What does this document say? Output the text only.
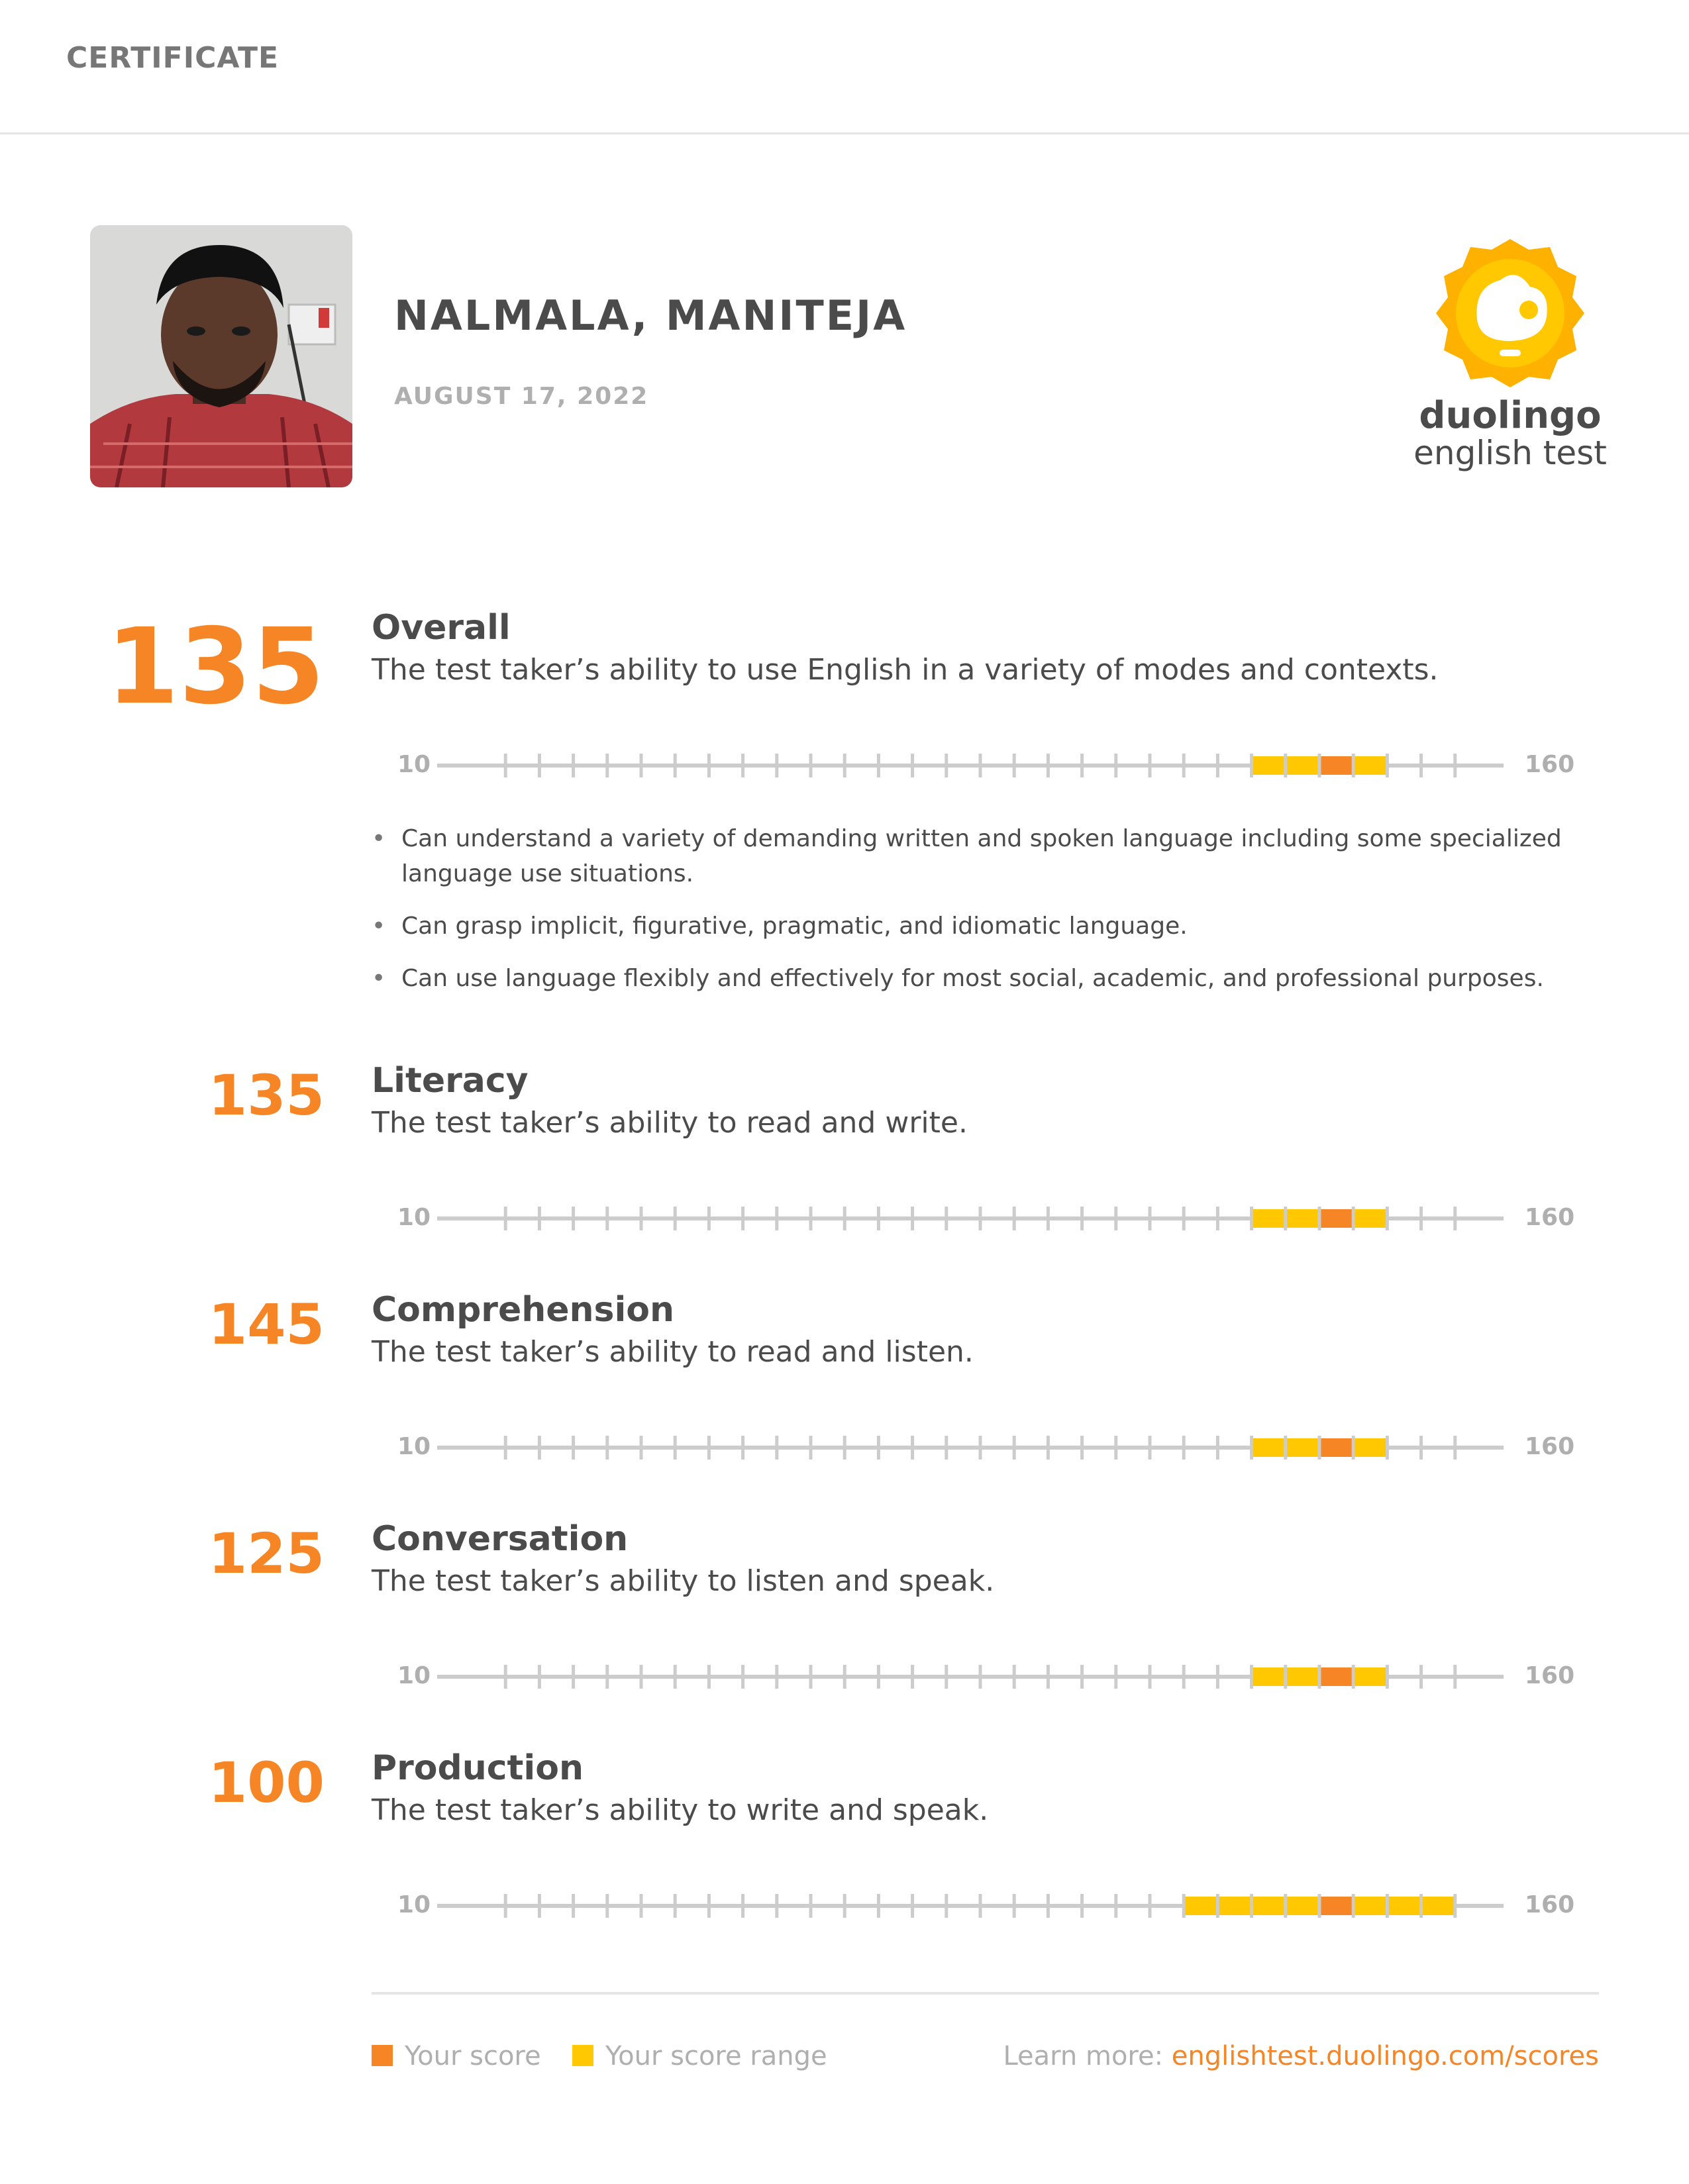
CERTIFICATE
NALMALA, MANITEJA
AUGUST 17, 2022	duolingo
english test
135 Overall
The test taker’s ability to use English in a variety of modes and contexts.
10	160
• Can understand a variety of demanding written and spoken language including some specialized language use situations.
• Can grasp implicit, figurative, pragmatic, and idiomatic language.
• Can use language flexibly and effectively for most social, academic, and professional purposes.
135 Literacy
The test taker’s ability to read and write.
10	160
145 Comprehension
The test taker’s ability to read and listen.
10	160
125 Conversation
The test taker’s ability to listen and speak.
10	160
100 Production
The test taker’s ability to write and speak.
10	160
Your score	Your score range	Learn more: englishtest.duolingo.com/scores
